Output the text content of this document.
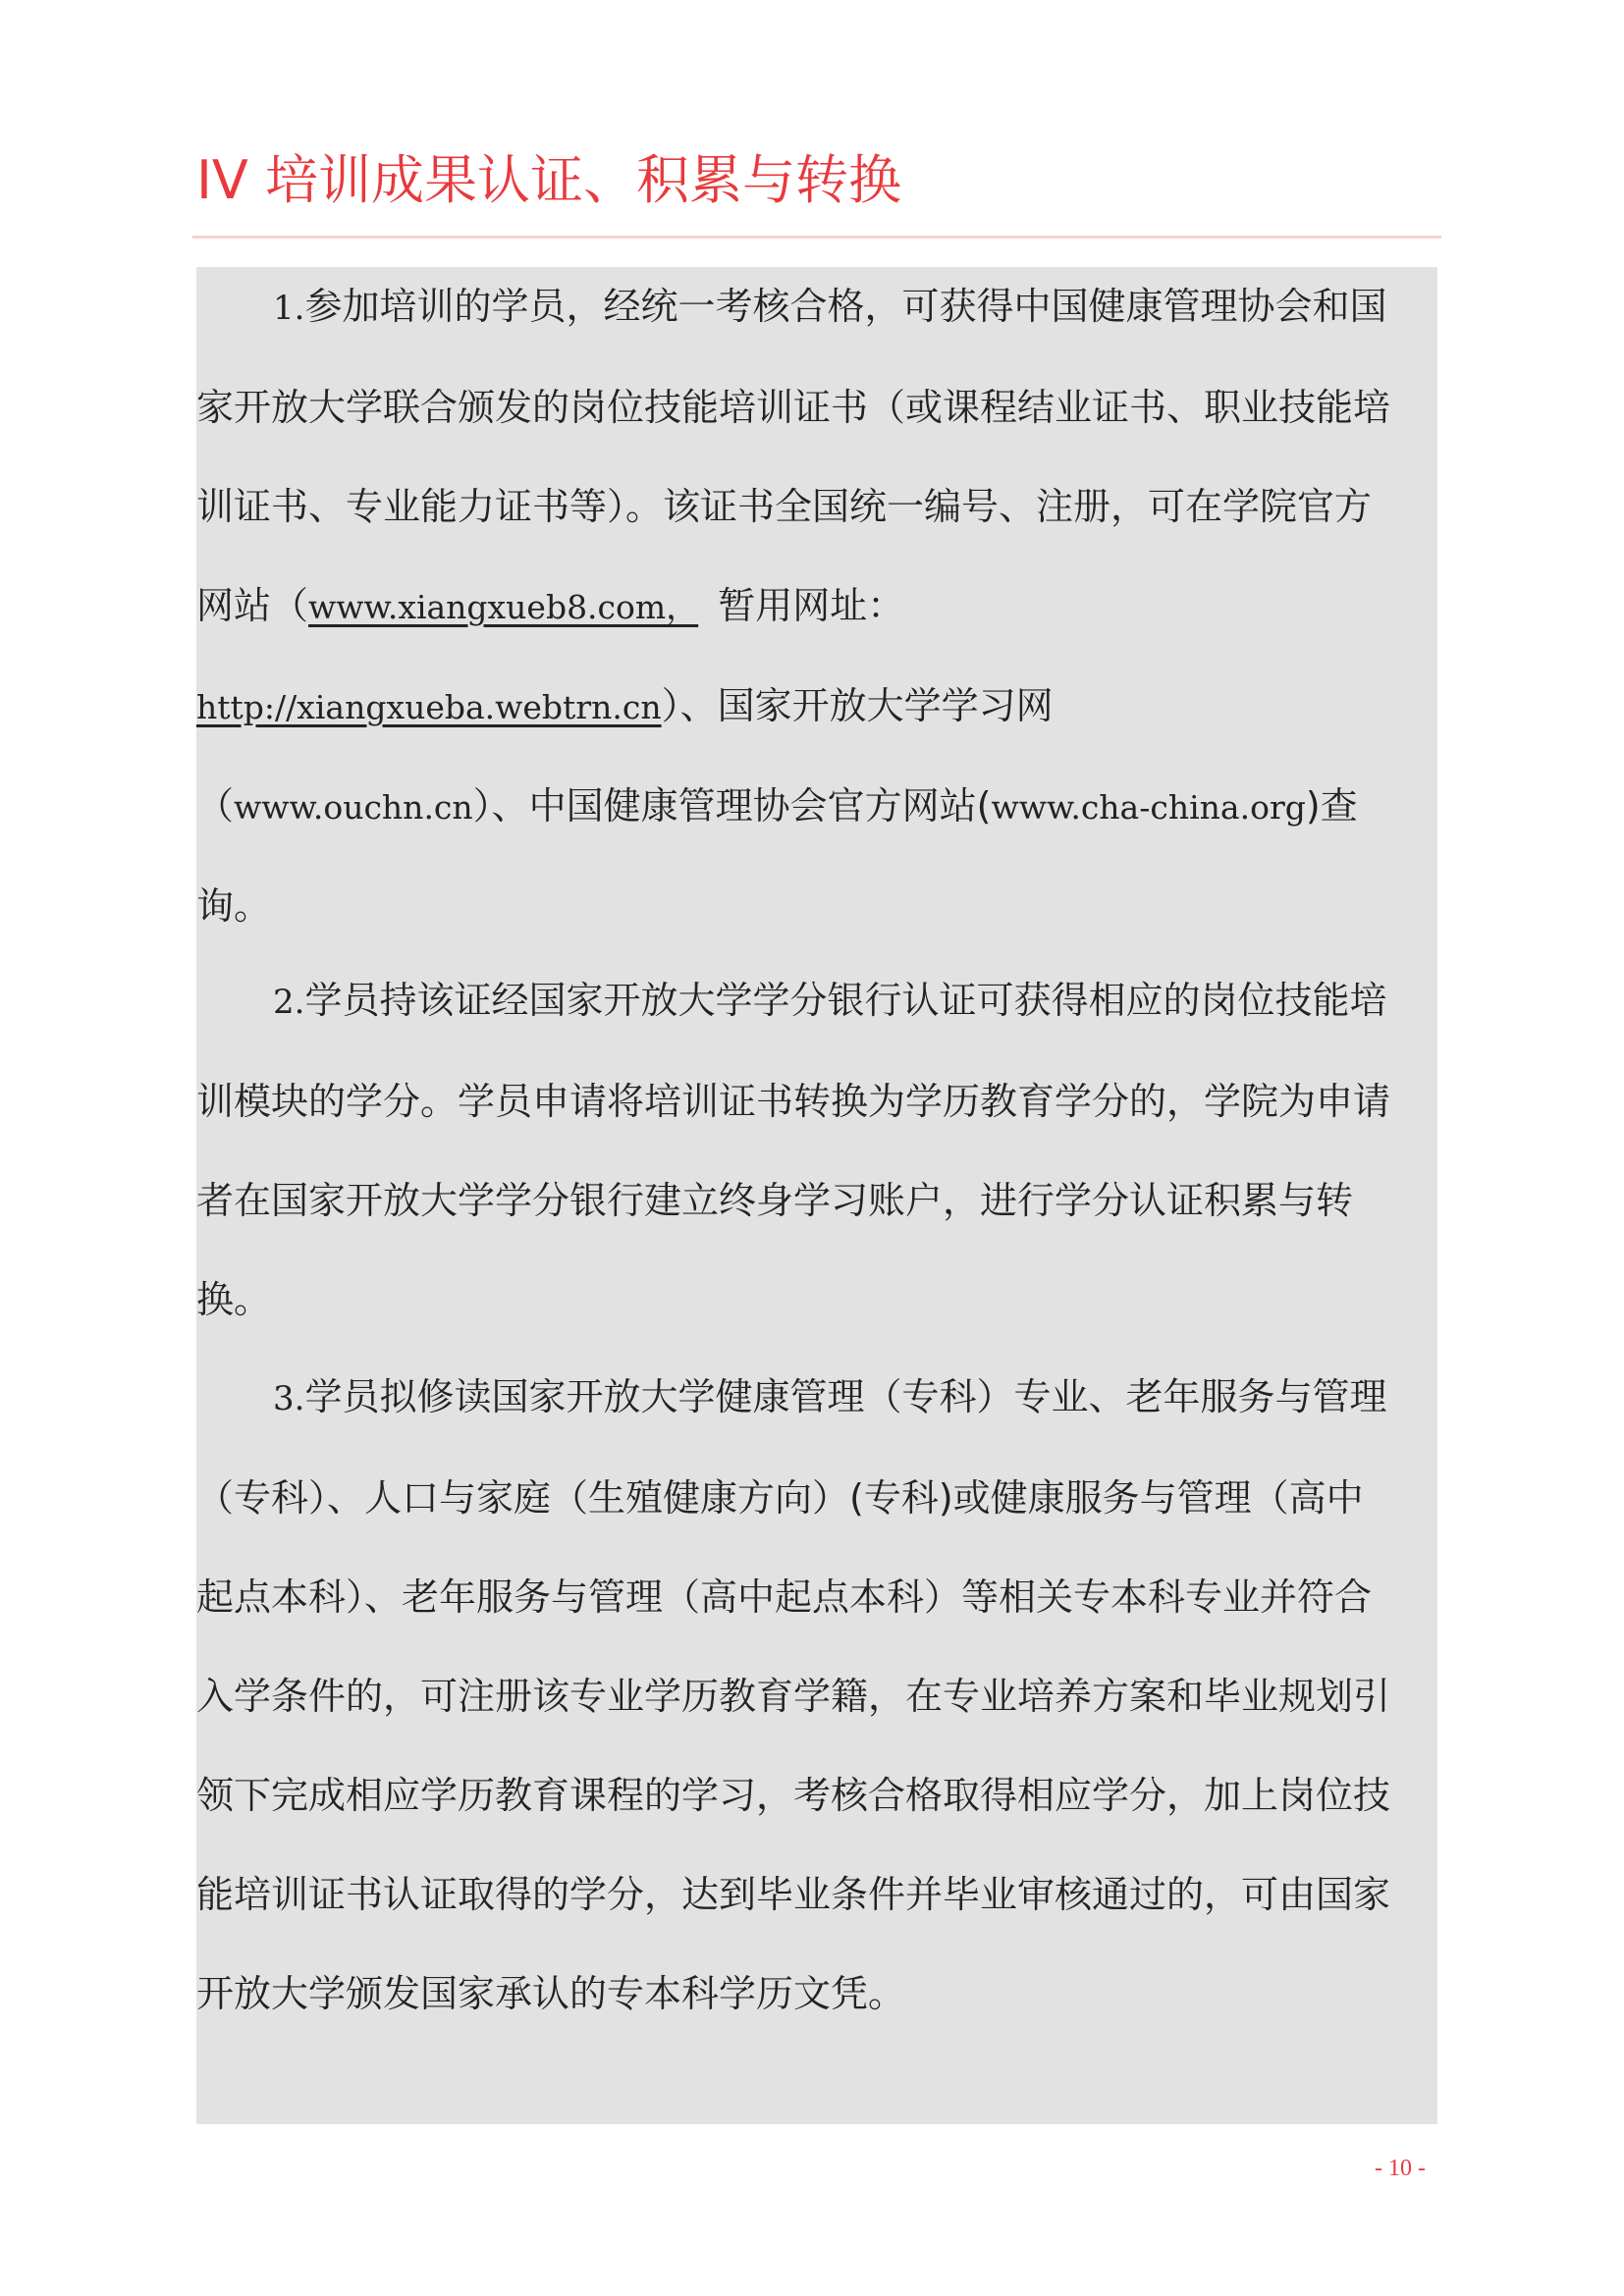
IV 培训成果认证、积累与转换
1.参加培训的学员，经统一考核合格，可获得中国健康管理协会和国
家开放大学联合颁发的岗位技能培训证书（或课程结业证书、职业技能培
训证书、专业能力证书等）。该证书全国统一编号、注册，可在学院官方
网站（www.xiangxueb8.com， 暂用网址：
http://xiangxueba.webtrn.cn）、国家开放大学学习网
（www.ouchn.cn）、中国健康管理协会官方网站(www.cha-china.org)查
询。
2.学员持该证经国家开放大学学分银行认证可获得相应的岗位技能培
训模块的学分。学员申请将培训证书转换为学历教育学分的，学院为申请
者在国家开放大学学分银行建立终身学习账户，进行学分认证积累与转
换。
3.学员拟修读国家开放大学健康管理（专科）专业、老年服务与管理
（专科）、人口与家庭（生殖健康方向）(专科)或健康服务与管理（高中
起点本科）、老年服务与管理（高中起点本科）等相关专本科专业并符合
入学条件的，可注册该专业学历教育学籍，在专业培养方案和毕业规划引
领下完成相应学历教育课程的学习，考核合格取得相应学分，加上岗位技
能培训证书认证取得的学分，达到毕业条件并毕业审核通过的，可由国家
开放大学颁发国家承认的专本科学历文凭。
- 10 -
